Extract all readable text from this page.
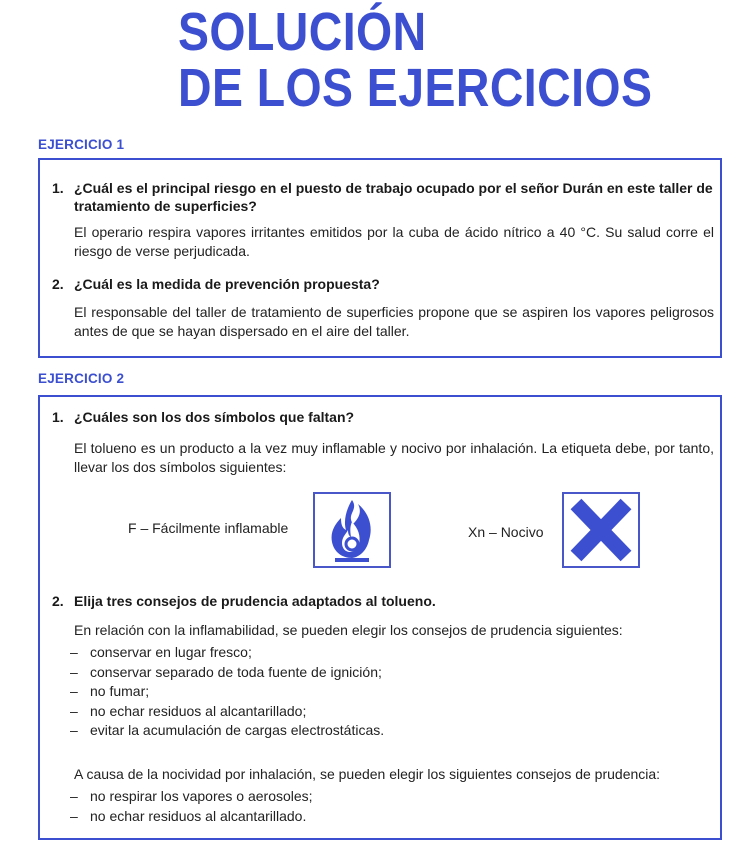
SOLUCIÓN
DE LOS EJERCICIOS
EJERCICIO 1
1. ¿Cuál es el principal riesgo en el puesto de trabajo ocupado por el señor Durán en este taller de tratamiento de superficies?
El operario respira vapores irritantes emitidos por la cuba de ácido nítrico a 40 °C. Su salud corre el riesgo de verse perjudicada.
2. ¿Cuál es la medida de prevención propuesta?
El responsable del taller de tratamiento de superficies propone que se aspiren los vapores peligrosos antes de que se hayan dispersado en el aire del taller.
EJERCICIO 2
1. ¿Cuáles son los dos símbolos que faltan?
El tolueno es un producto a la vez muy inflamable y nocivo por inhalación. La etiqueta debe, por tanto, llevar los dos símbolos siguientes:
F – Fácilmente inflamable	Xn – Nocivo
2. Elija tres consejos de prudencia adaptados al tolueno.
En relación con la inflamabilidad, se pueden elegir los consejos de prudencia siguientes:
– conservar en lugar fresco;
– conservar separado de toda fuente de ignición;
– no fumar;
– no echar residuos al alcantarillado;
– evitar la acumulación de cargas electrostáticas.
A causa de la nocividad por inhalación, se pueden elegir los siguientes consejos de prudencia:
– no respirar los vapores o aerosoles;
– no echar residuos al alcantarillado.
